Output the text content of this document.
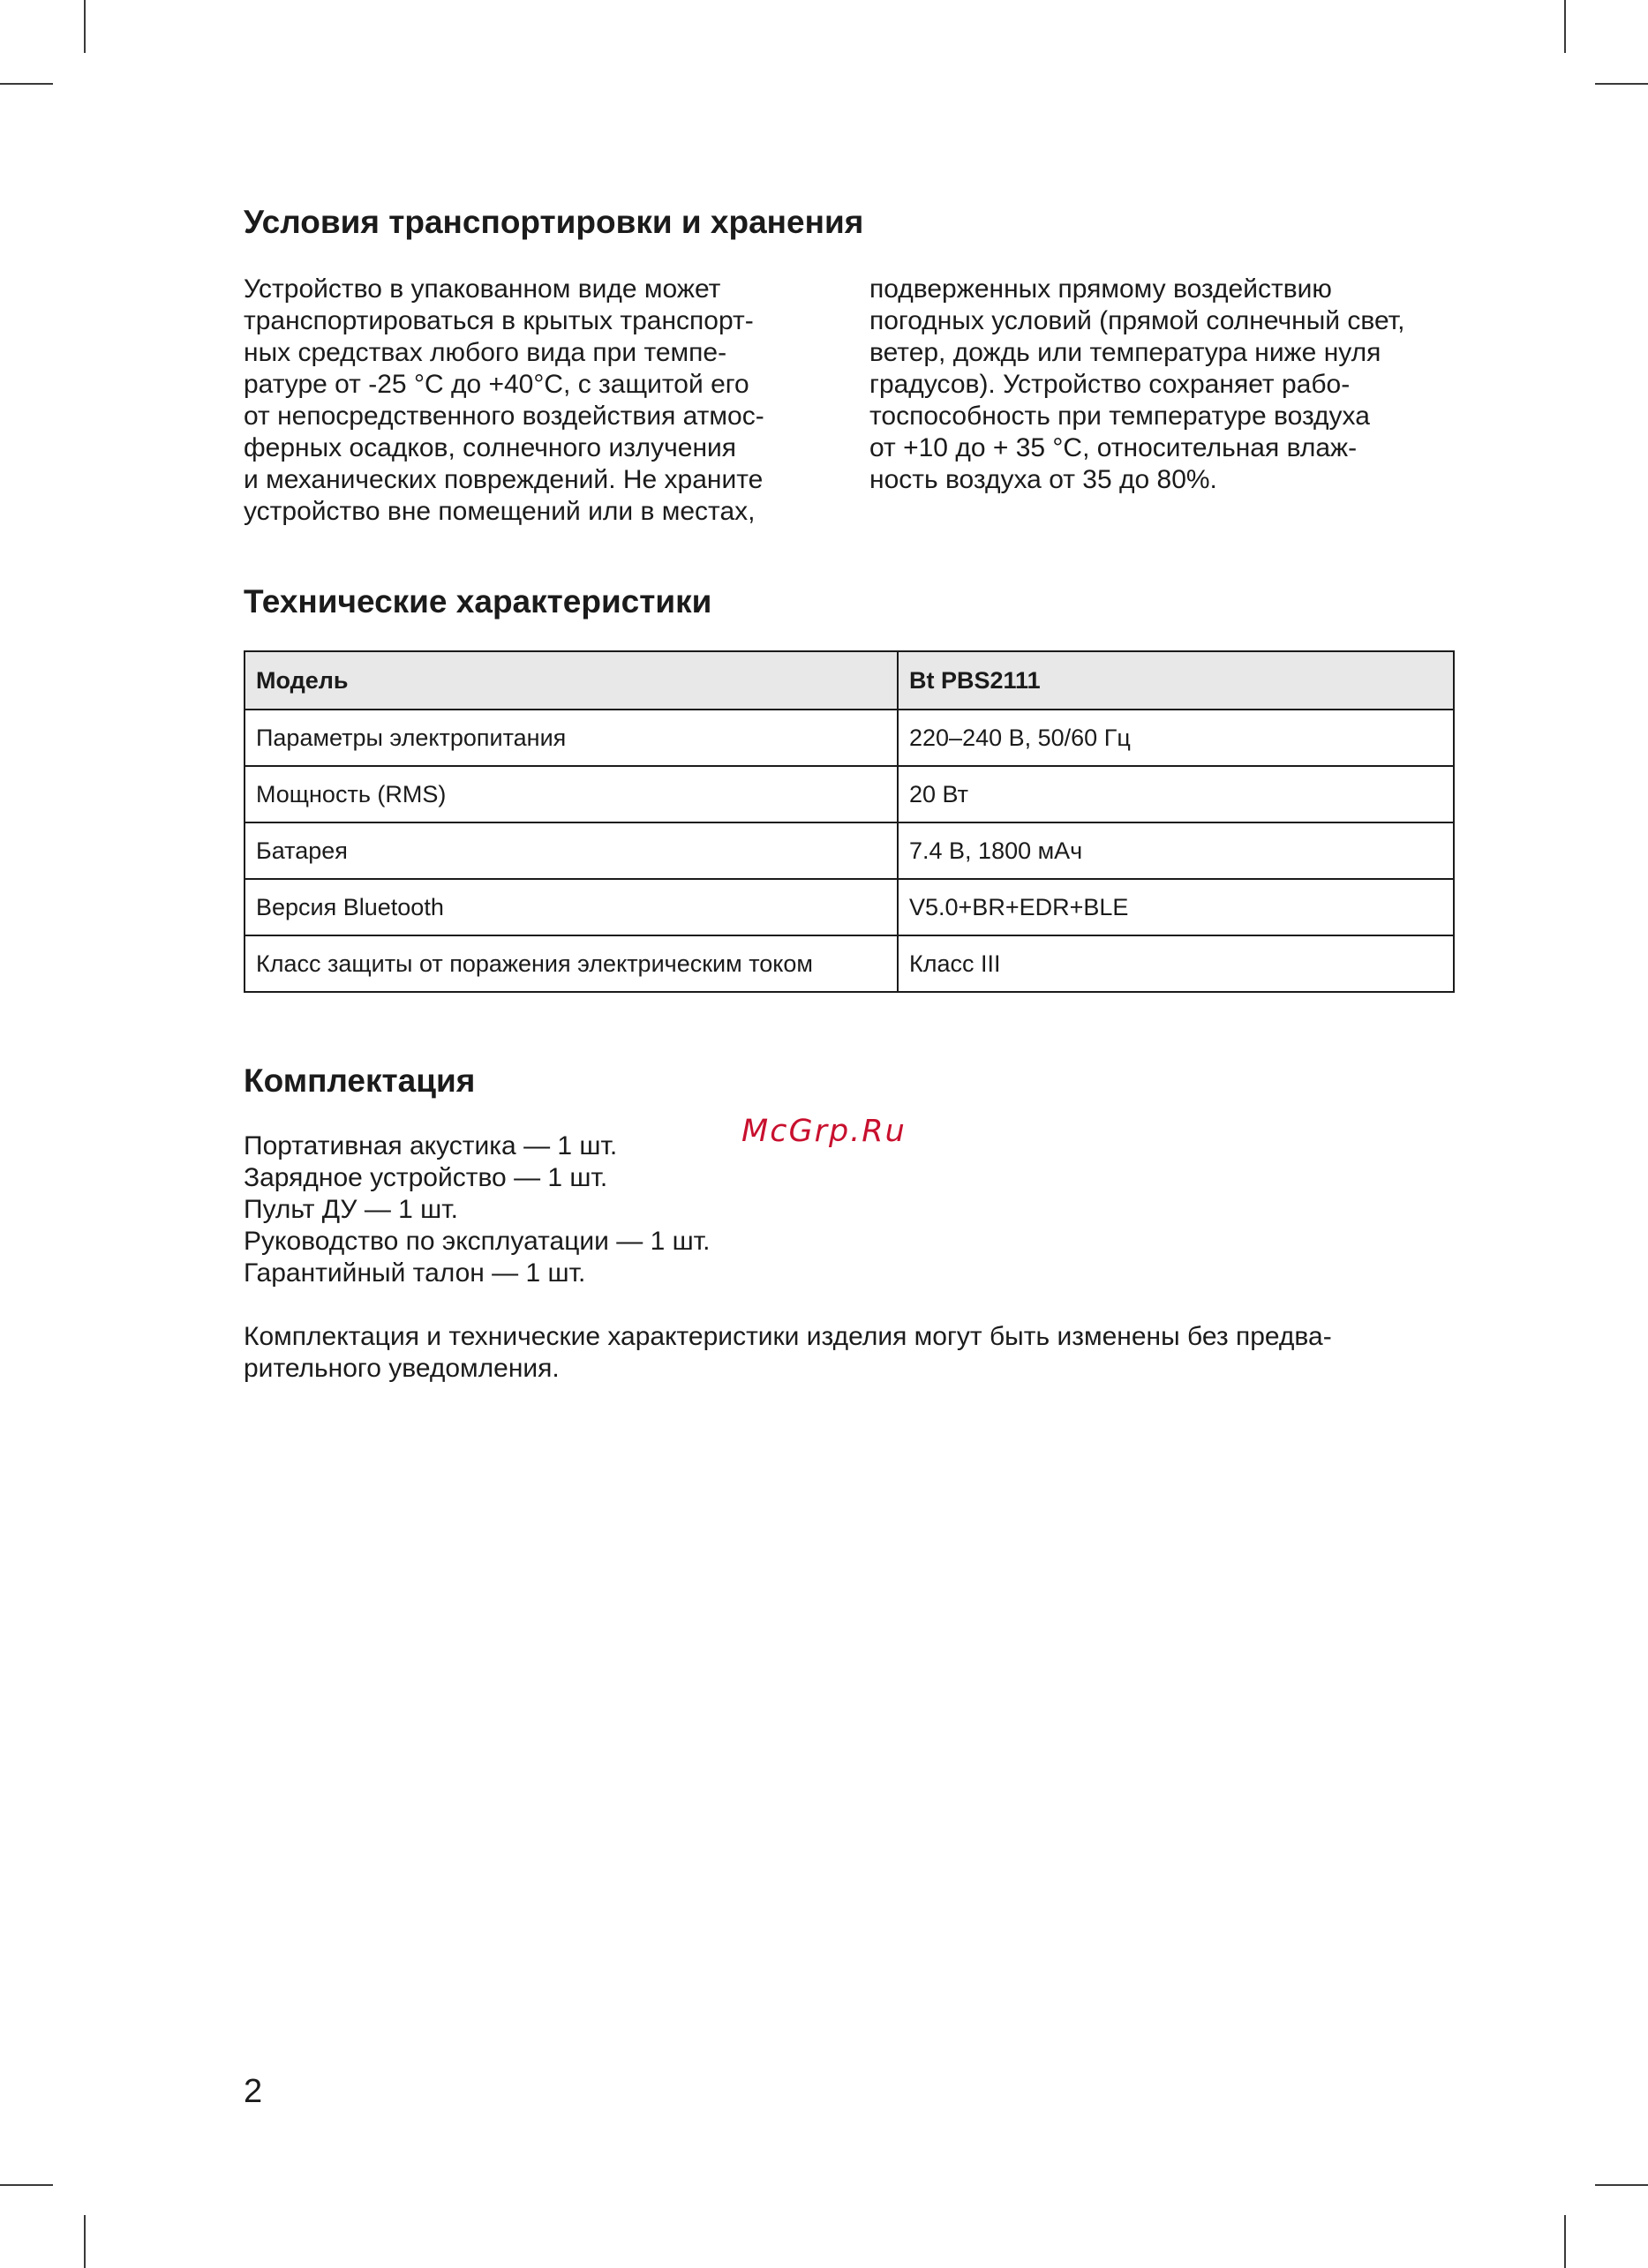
Условия транспортировки и хранения

Устройство в упакованном виде может

транспортироваться в крытых транспорт-

ных средствах любого вида при темпе-

ратуре от -25 °C до +40°C, с защитой его

от непосредственного воздействия атмос-

ферных осадков, солнечного излучения

и механических повреждений. Не храните

устройство вне помещений или в местах,

подверженных прямому воздействию

погодных условий (прямой солнечный свет,

ветер, дождь или температура ниже нуля

градусов). Устройство сохраняет рабо-

тоспособность при температуре воздуха

от +10 до + 35 °C, относительная влаж-

ность воздуха от 35 до 80%.

Технические характеристики
Модель	Bt PBS2111
Параметры электропитания	220–240 В, 50/60 Гц
Мощность (RMS)	20 Вт
Батарея	7.4 В, 1800 мАч
Версия Bluetooth	V5.0+BR+EDR+BLE
Класс защиты от поражения электрическим током	Класс III
Комплектация
Портативная акустика — 1 шт.
Зарядное устройство — 1 шт.
Пульт ДУ — 1 шт.
Руководство по эксплуатации — 1 шт.
Гарантийный талон — 1 шт.

Комплектация и технические характеристики изделия могут быть изменены без предва-

рительного уведомления.

McGrp.Ru
2
